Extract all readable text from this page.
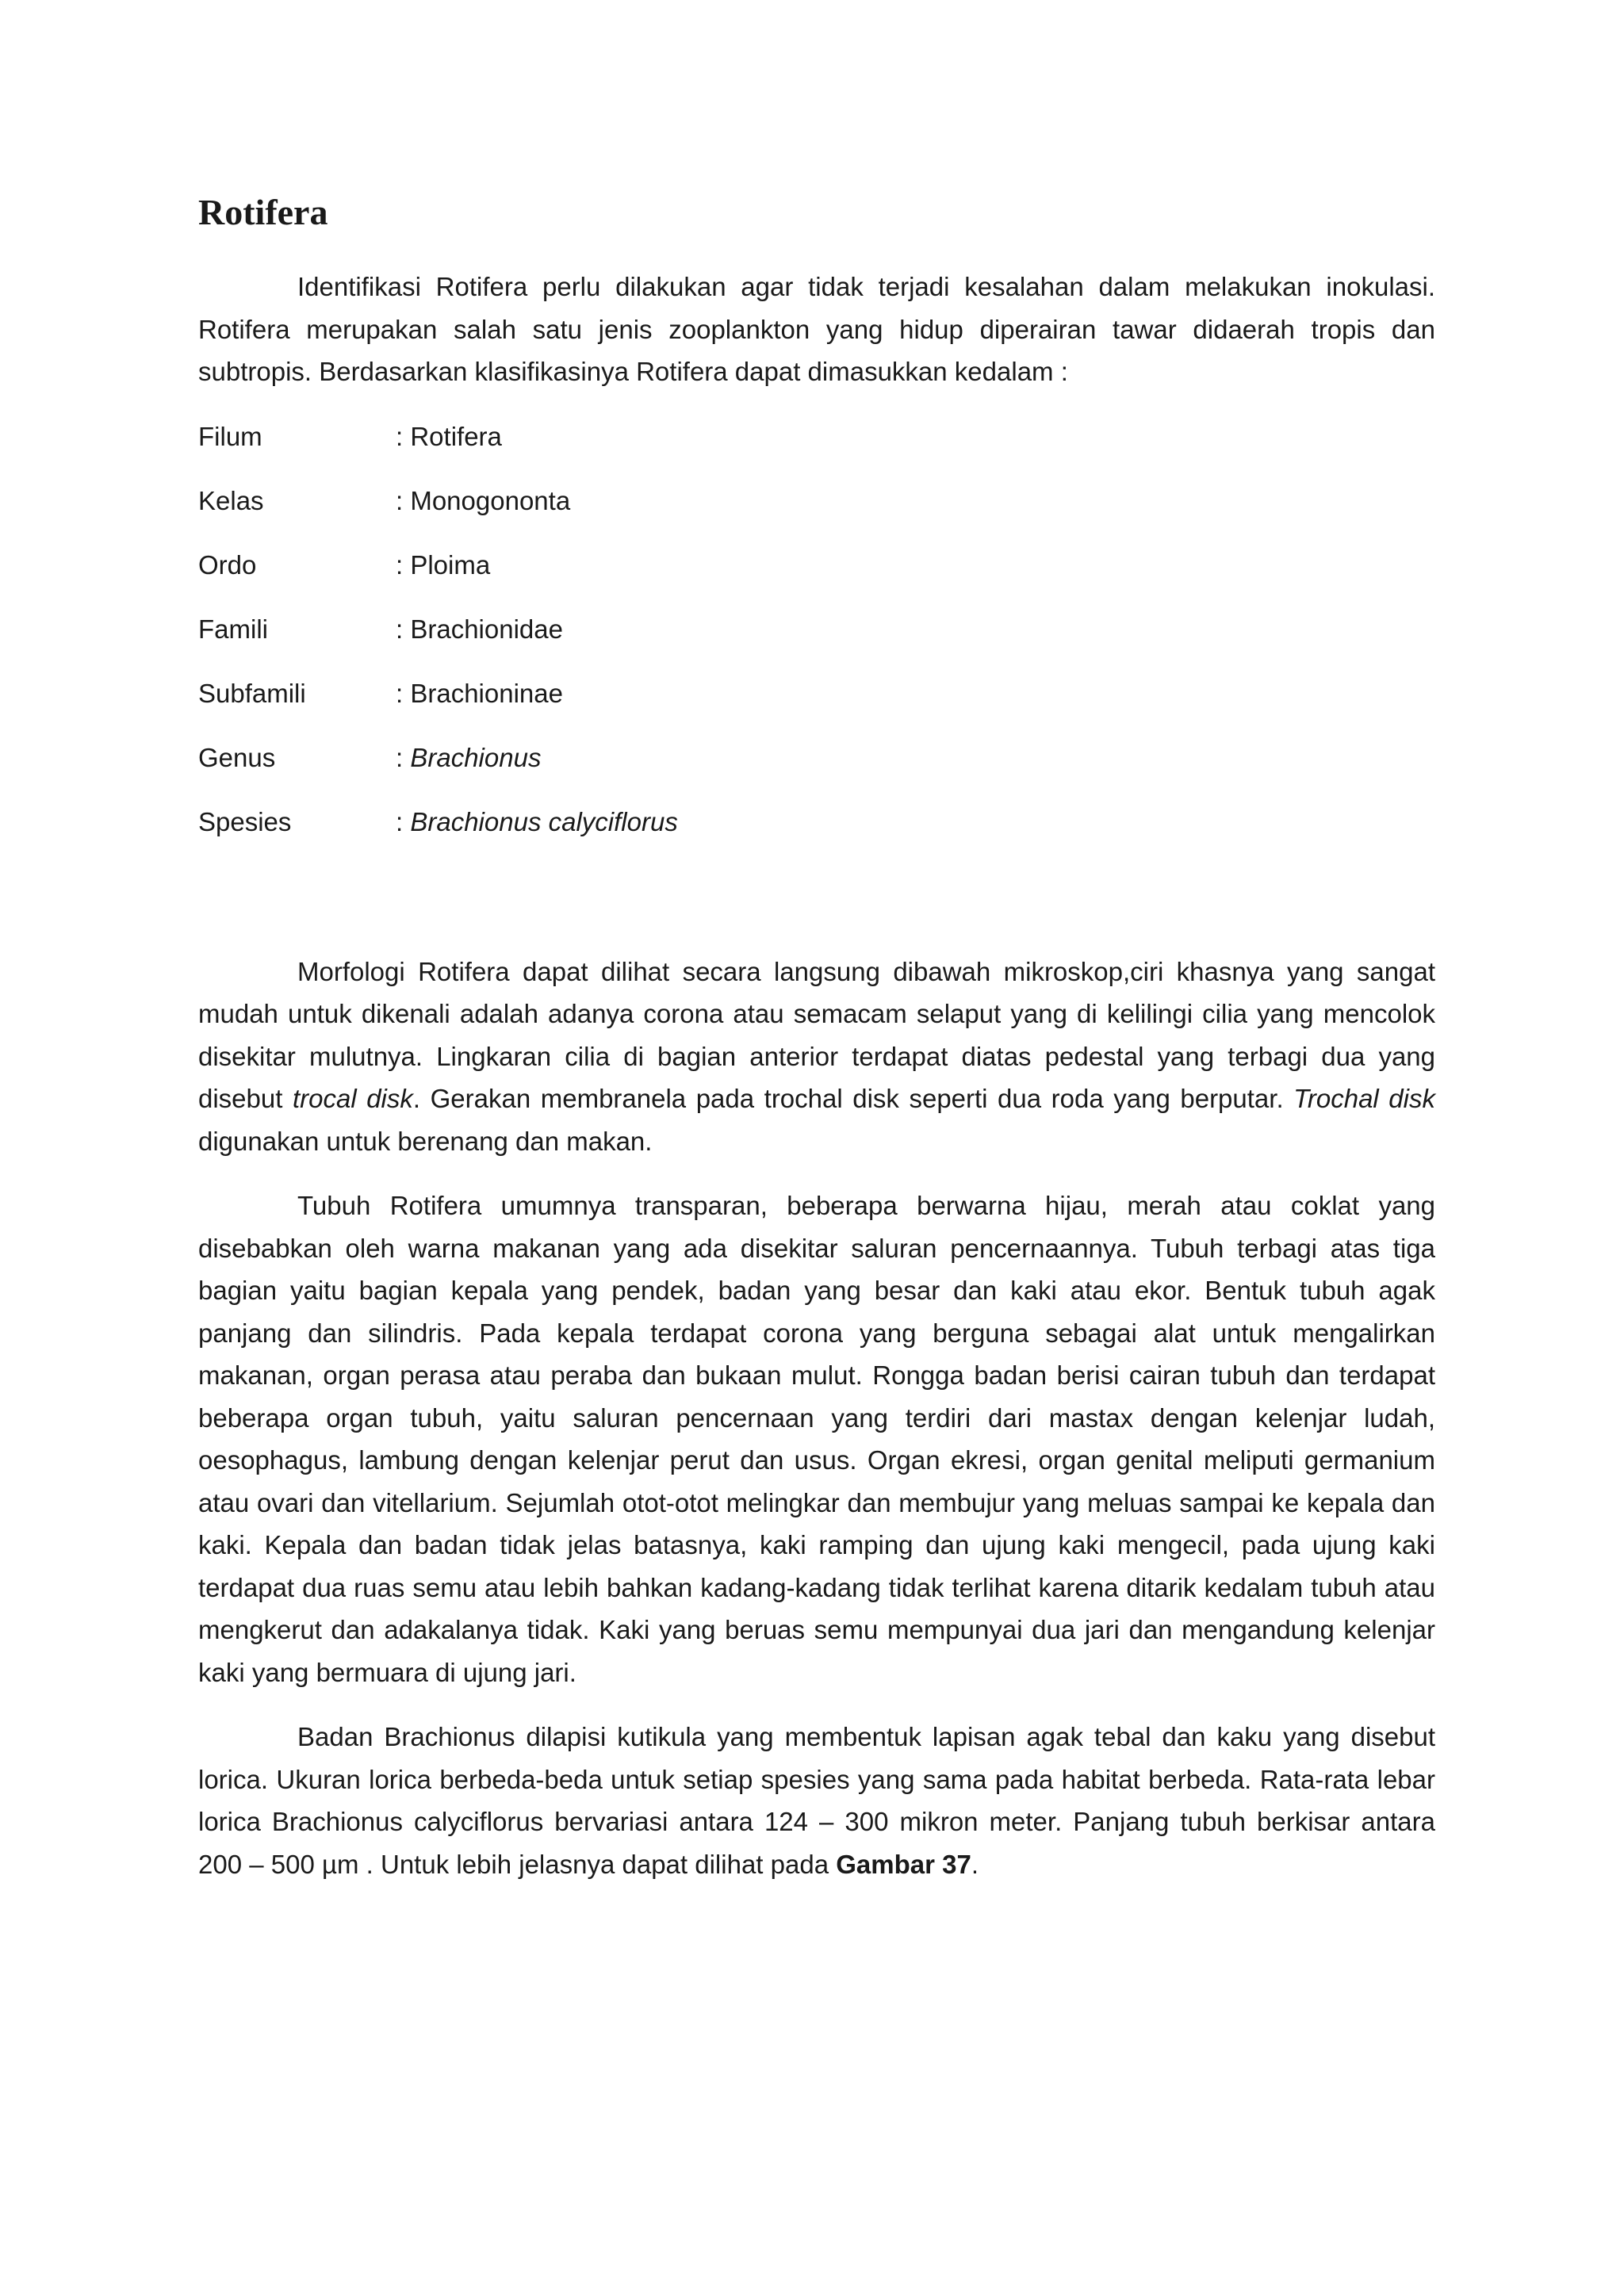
Rotifera

Identifikasi Rotifera perlu dilakukan agar tidak terjadi kesalahan dalam melakukan inokulasi. Rotifera merupakan salah satu jenis zooplankton yang hidup diperairan tawar didaerah tropis dan subtropis. Berdasarkan klasifikasinya Rotifera dapat dimasukkan kedalam :

Filum	: Rotifera
Kelas	: Monogononta
Ordo	: Ploima
Famili	: Brachionidae
Subfamili	: Brachioninae
Genus	: Brachionus
Spesies	: Brachionus calyciflorus

Morfologi Rotifera dapat dilihat secara langsung dibawah mikroskop,ciri khasnya yang sangat mudah untuk dikenali adalah adanya corona atau semacam selaput yang di kelilingi cilia yang mencolok disekitar mulutnya. Lingkaran cilia di bagian anterior terdapat diatas pedestal yang terbagi dua yang disebut trocal disk. Gerakan membranela pada trochal disk seperti dua roda yang berputar. Trochal disk digunakan untuk berenang dan makan.

Tubuh Rotifera umumnya transparan, beberapa berwarna hijau, merah atau coklat yang disebabkan oleh warna makanan yang ada disekitar saluran pencernaannya. Tubuh terbagi atas tiga bagian yaitu bagian kepala yang pendek, badan yang besar dan kaki atau ekor. Bentuk tubuh agak panjang dan silindris. Pada kepala terdapat corona yang berguna sebagai alat untuk mengalirkan makanan, organ perasa atau peraba dan bukaan mulut. Rongga badan berisi cairan tubuh dan terdapat beberapa organ tubuh, yaitu saluran pencernaan yang terdiri dari mastax dengan kelenjar ludah, oesophagus, lambung dengan kelenjar perut dan usus. Organ ekresi, organ genital meliputi germanium atau ovari dan vitellarium. Sejumlah otot-otot melingkar dan membujur yang meluas sampai ke kepala dan kaki. Kepala dan badan tidak jelas batasnya, kaki ramping dan ujung kaki mengecil, pada ujung kaki terdapat dua ruas semu atau lebih bahkan kadang-kadang tidak terlihat karena ditarik kedalam tubuh atau mengkerut dan adakalanya tidak. Kaki yang beruas semu mempunyai dua jari dan mengandung kelenjar kaki yang bermuara di ujung jari.

Badan Brachionus dilapisi kutikula yang membentuk lapisan agak tebal dan kaku yang disebut lorica. Ukuran lorica berbeda-beda untuk setiap spesies yang sama pada habitat berbeda. Rata-rata lebar lorica Brachionus calyciflorus bervariasi antara 124 – 300 mikron meter. Panjang tubuh berkisar antara 200 – 500 µm . Untuk lebih jelasnya dapat dilihat pada Gambar 37.
